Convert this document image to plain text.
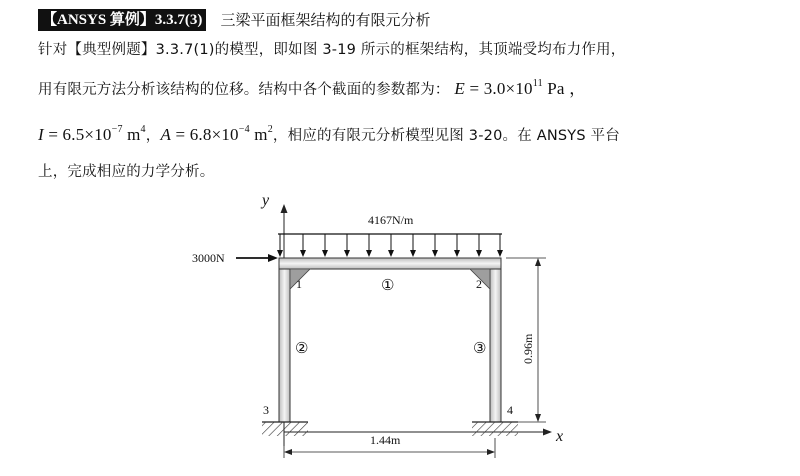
【ANSYS 算例】3.3.7(3) 三梁平面框架结构的有限元分析
针对【典型例题】3.3.7(1)的模型，即如图 3-19 所示的框架结构，其顶端受均布力作用，
用有限元方法分析该结构的位移。结构中各个截面的参数都为： $E = 3.0\times 10^{11}$ Pa ，
$I = 6.5\times 10^{-7}$ $m^4$，$A = 6.8\times 10^{-4}$ $m^2$，相应的有限元分析模型见图 3-20。在 ANSYS 平台
上，完成相应的力学分析。
y
x
4167N/m
3000N
1	2
3	4
①
②	③	0.96m
1.44m
